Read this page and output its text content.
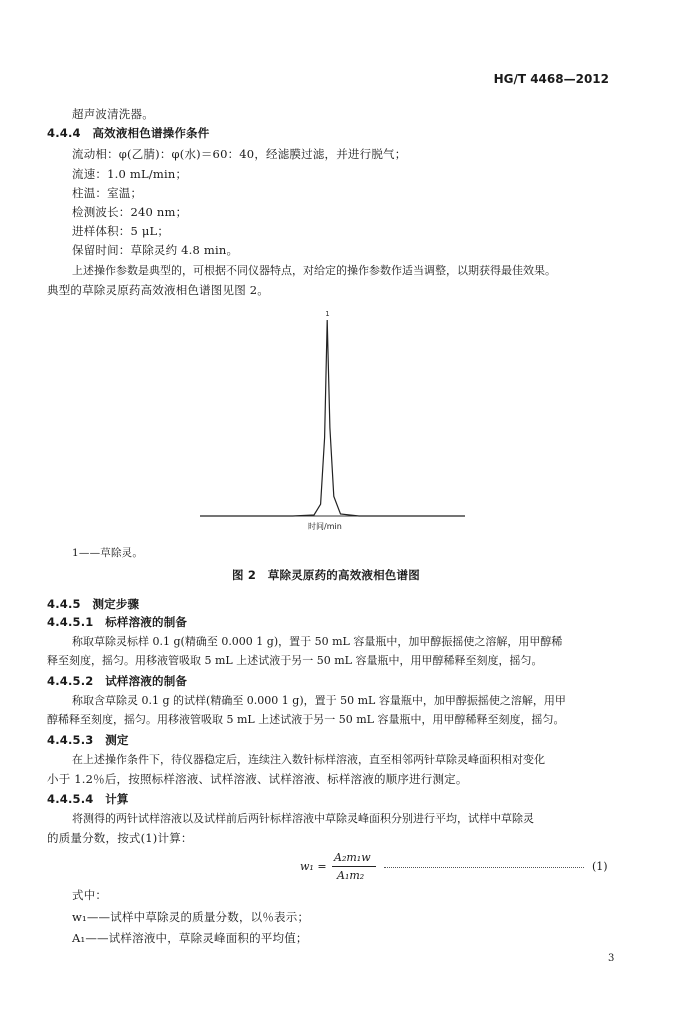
HG/T 4468—2012
超声波清洗器。
4.4.4　高效液相色谱操作条件
流动相：φ(乙腈)：φ(水)＝60：40，经滤膜过滤，并进行脱气；
流速：1.0 mL/min；
柱温：室温；
检测波长：240 nm；
进样体积：5 μL；
保留时间：草除灵约 4.8 min。
上述操作参数是典型的，可根据不同仪器特点，对给定的操作参数作适当调整，以期获得最佳效果。
典型的草除灵原药高效液相色谱图见图 2。
1
时间/min
1——草除灵。
图 2　草除灵原药的高效液相色谱图
4.4.5　测定步骤
4.4.5.1　标样溶液的制备
称取草除灵标样 0.1 g(精确至 0.000 1 g)，置于 50 mL 容量瓶中，加甲醇振摇使之溶解，用甲醇稀
释至刻度，摇匀。用移液管吸取 5 mL 上述试液于另一 50 mL 容量瓶中，用甲醇稀释至刻度，摇匀。
4.4.5.2　试样溶液的制备
称取含草除灵 0.1 g 的试样(精确至 0.000 1 g)，置于 50 mL 容量瓶中，加甲醇振摇使之溶解，用甲
醇稀释至刻度，摇匀。用移液管吸取 5 mL 上述试液于另一 50 mL 容量瓶中，用甲醇稀释至刻度，摇匀。
4.4.5.3　测定
在上述操作条件下，待仪器稳定后，连续注入数针标样溶液，直至相邻两针草除灵峰面积相对变化
小于 1.2％后，按照标样溶液、试样溶液、试样溶液、标样溶液的顺序进行测定。
4.4.5.4　计算
将测得的两针试样溶液以及试样前后两针标样溶液中草除灵峰面积分别进行平均，试样中草除灵
的质量分数，按式(1)计算：
w₁ =
A₂m₁w
A₁m₂
(1)
式中：
w₁——试样中草除灵的质量分数，以％表示；
A₁——试样溶液中，草除灵峰面积的平均值；
3
